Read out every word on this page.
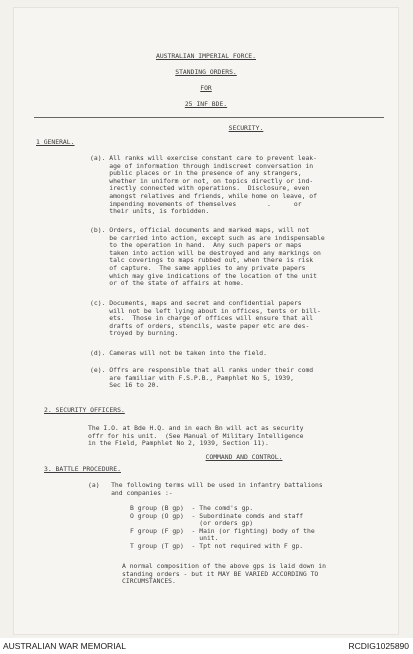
AUSTRALIAN IMPERIAL FORCE.
STANDING ORDERS.
FOR
25 INF BDE.
SECURITY.
1 GENERAL.
(a). All ranks will exercise constant care to prevent leak-
age of information through indiscreet conversation in
public places or in the presence of any strangers,
whether in uniform or not, on topics directly or ind-
irectly connected with operations.  Disclosure, even
amongst relatives and friends, while home on leave, of
impending movements of themselves        .      or
their units, is forbidden.
(b). Orders, official documents and marked maps, will not
be carried into action, except such as are indispensable
to the operation in hand.  Any such papers or maps
taken into action will be destroyed and any markings on
talc coverings to maps rubbed out, when there is risk
of capture.  The same applies to any private papers
which may give indications of the location of the unit
or of the state of affairs at home.
(c). Documents, maps and secret and confidential papers
will not be left lying about in offices, tents or bill-
ets.  Those in charge of offices will ensure that all
drafts of orders, stencils, waste paper etc are des-
troyed by burning.
(d). Cameras will not be taken into the field.
(e). Offrs are responsible that all ranks under their comd
are familiar with F.S.P.B., Pamphlet No 5, 1939,
Sec 16 to 20.
2. SECURITY OFFICERS.
The I.O. at Bde H.Q. and in each Bn will act as security
offr for his unit.  (See Manual of Military Intelligence
in the Field, Pamphlet No 2, 1939, Section 11).
COMMAND AND CONTROL.
3. BATTLE PROCEDURE.
(a)   The following terms will be used in infantry battalions
and companies :-
B group (B gp)  - The comd's gp.
O group (O gp)  - Subordinate comds and staff
(or orders gp)
F group (F gp)  - Main (or fighting) body of the
unit.
T group (T gp)  - Tpt not required with F gp.
A normal composition of the above gps is laid down in
standing orders - but it MAY BE VARIED ACCORDING TO
CIRCUMSTANCES.
AUSTRALIAN WAR MEMORIAL	RCDIG1025890
